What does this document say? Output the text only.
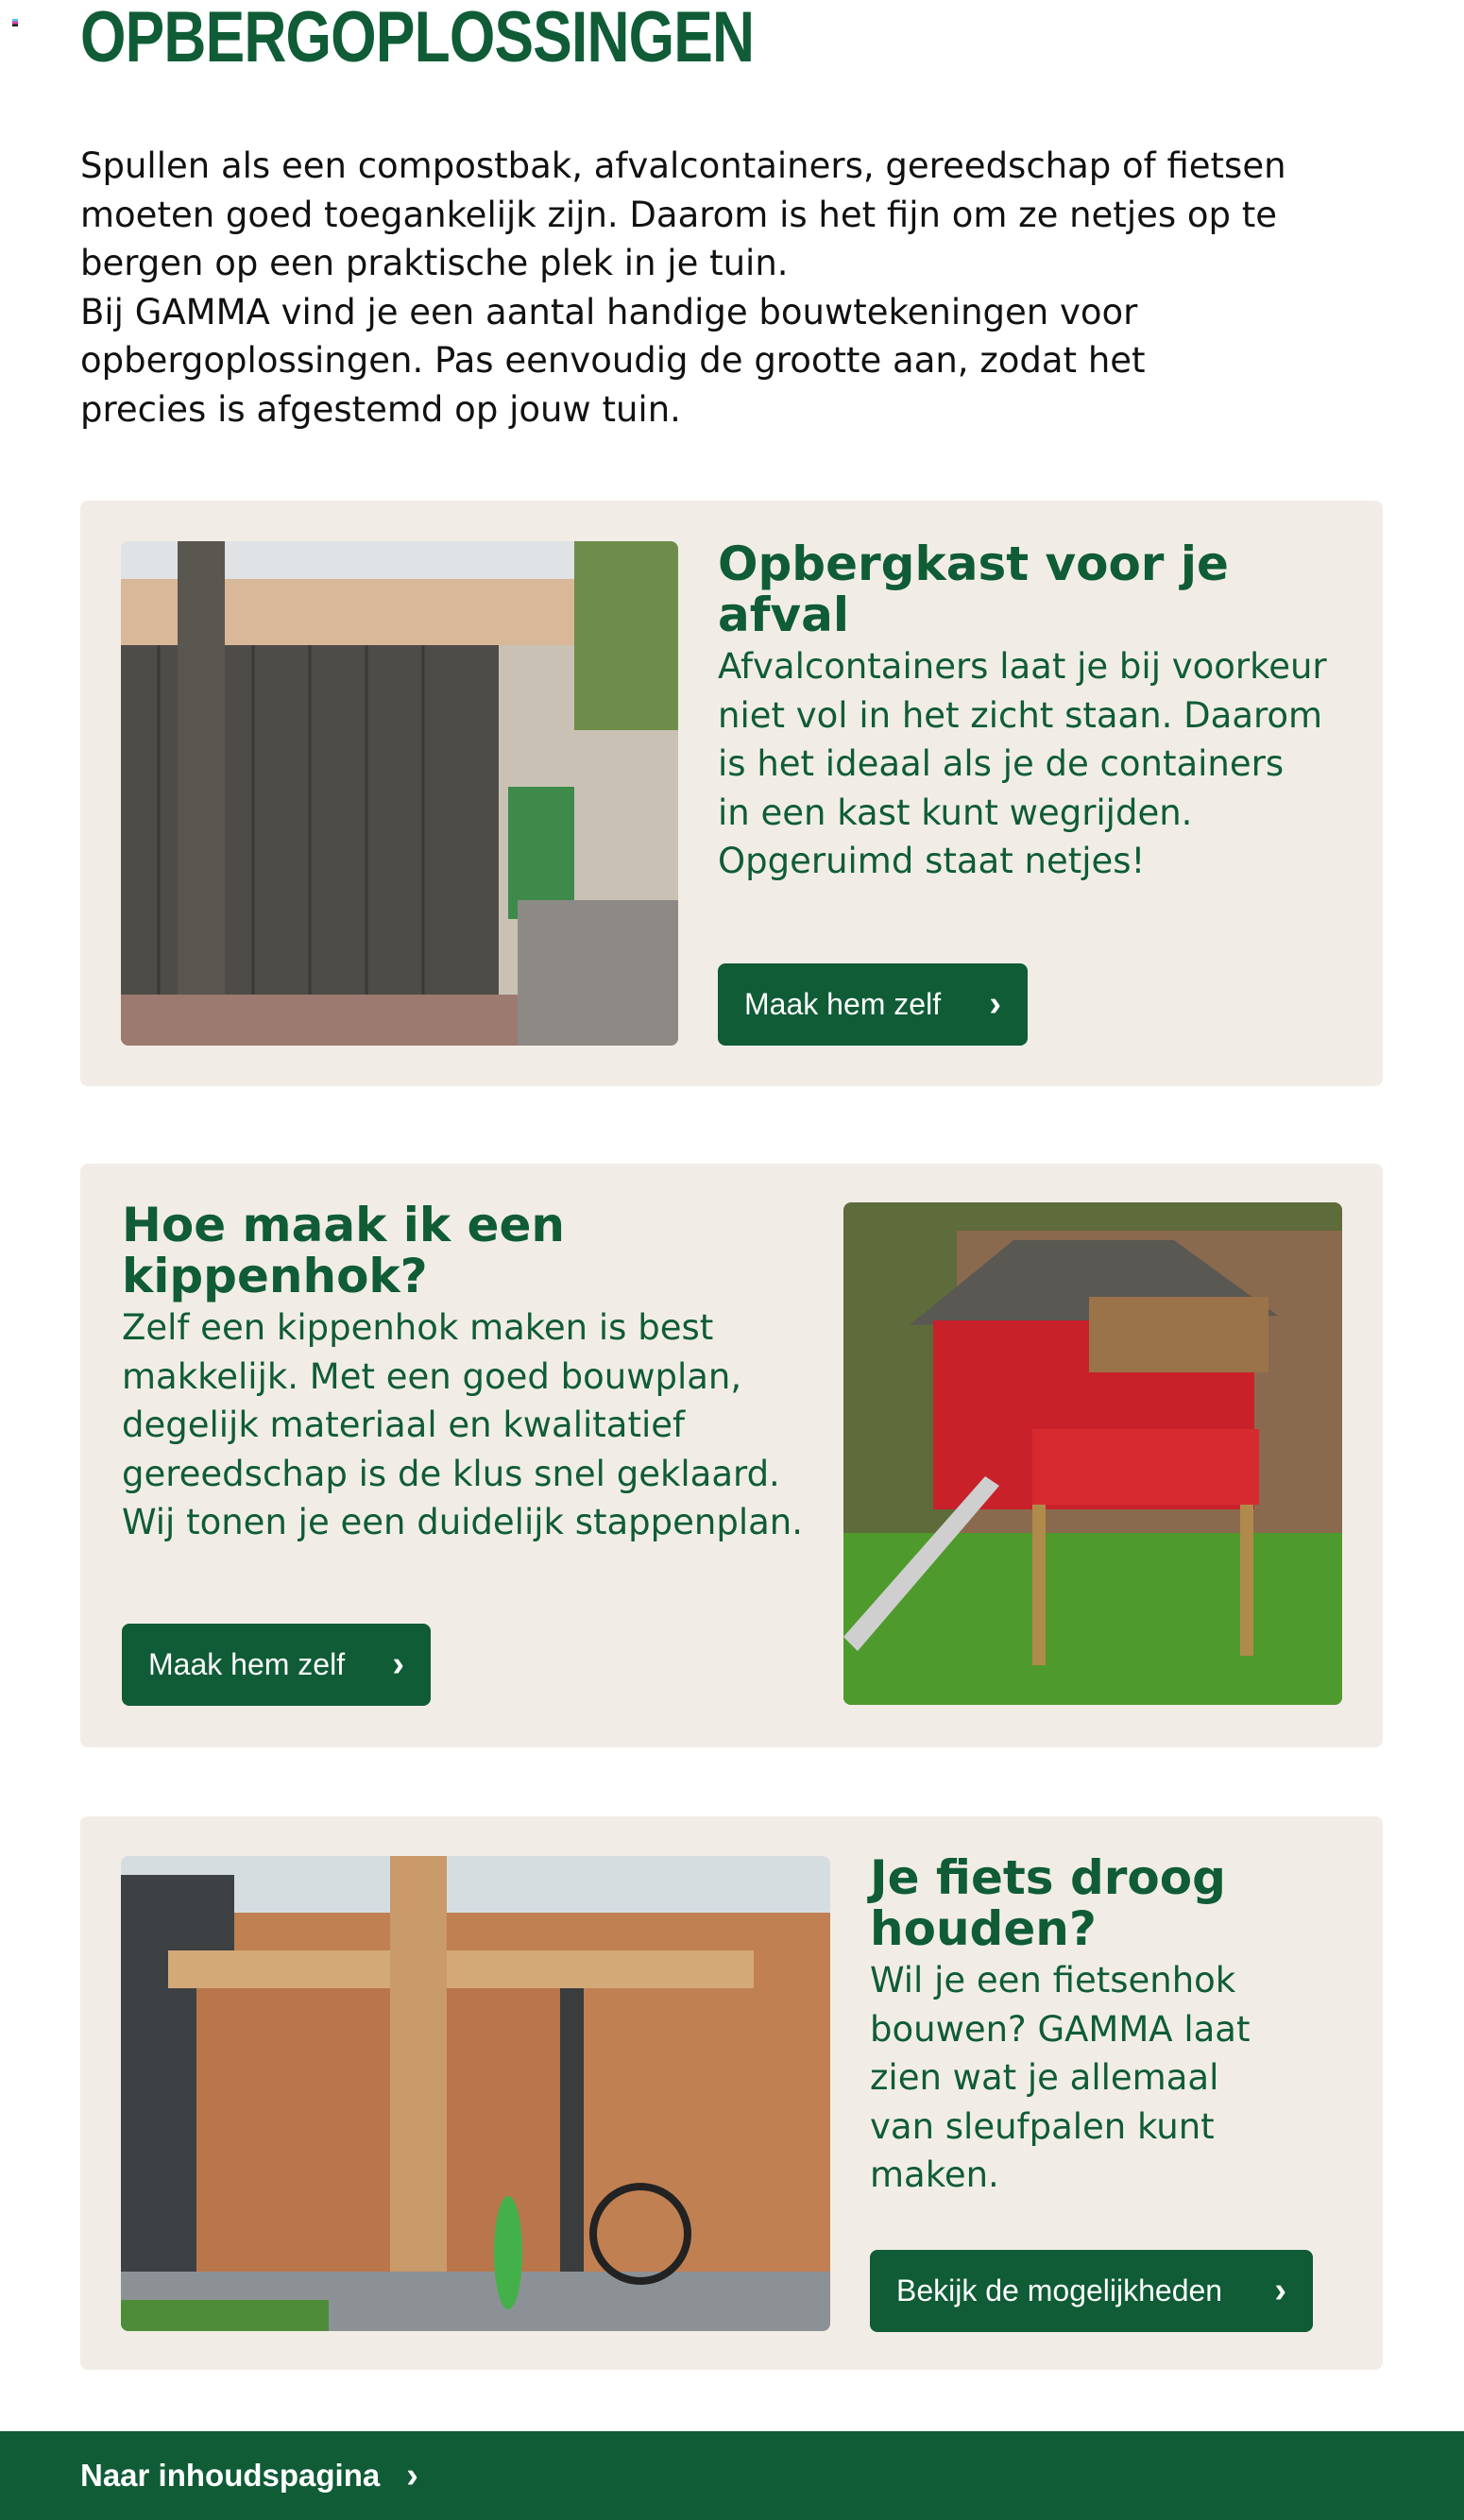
OPBERGOPLOSSINGEN
Spullen als een compostbak, afvalcontainers, gereedschap of fietsen
moeten goed toegankelijk zijn. Daarom is het fijn om ze netjes op te
bergen op een praktische plek in je tuin.
Bij GAMMA vind je een aantal handige bouwtekeningen voor
opbergoplossingen. Pas eenvoudig de grootte aan, zodat het
precies is afgestemd op jouw tuin.
Opbergkast voor je afval

Afvalcontainers laat je bij voorkeur
niet vol in het zicht staan. Daarom
is het ideaal als je de containers
in een kast kunt wegrijden.
Opgeruimd staat netjes!

Maak hem zelf ›
Hoe maak ik een kippenhok?

Zelf een kippenhok maken is best
makkelijk. Met een goed bouwplan,
degelijk materiaal en kwalitatief
gereedschap is de klus snel geklaard.
Wij tonen je een duidelijk stappenplan.

Maak hem zelf ›
Je fiets droog
houden?

Wil je een fietsenhok
bouwen? GAMMA laat
zien wat je allemaal
van sleufpalen kunt
maken.

Bekijk de mogelijkheden ›
Naar inhoudspagina ›
